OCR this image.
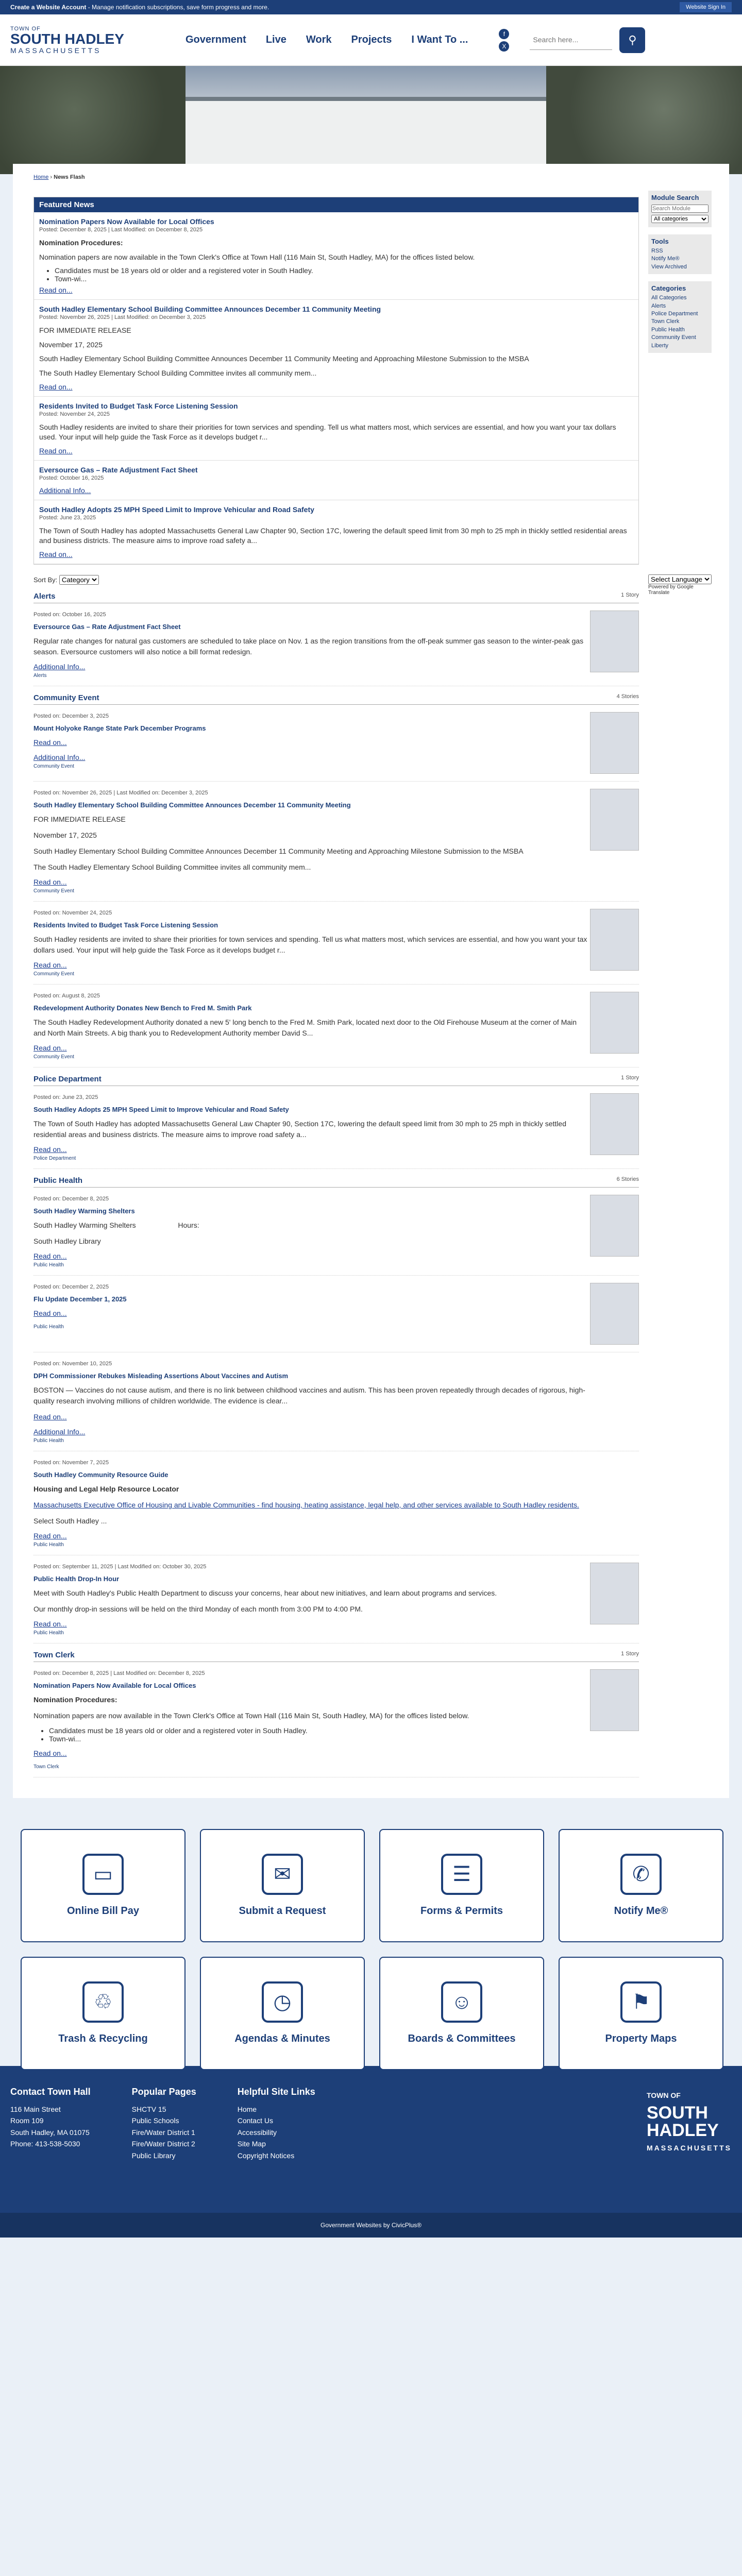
Create a Website Account - Manage notification subscriptions, save form progress and more.	Website Sign In
TOWN OF
SOUTH HADLEY
MASSACHUSETTS
Government Live Work Projects I Want To ...
f
X
Search here...	⚲
Home › News Flash
Featured News
Nomination Papers Now Available for Local Offices
Posted: December 8, 2025 | Last Modified: on December 8, 2025

Nomination Procedures:

Nomination papers are now available in the Town Clerk's Office at Town Hall (116 Main St, South Hadley, MA) for the offices listed below.

• Candidates must be 18 years old or older and a registered voter in South Hadley.
• Town-wi...
Read on...
South Hadley Elementary School Building Committee Announces December 11 Community Meeting
Posted: November 26, 2025 | Last Modified: on December 3, 2025

FOR IMMEDIATE RELEASE

November 17, 2025

South Hadley Elementary School Building Committee Announces December 11 Community Meeting and Approaching Milestone Submission to the MSBA

The South Hadley Elementary School Building Committee invites all community mem...

Read on...
Residents Invited to Budget Task Force Listening Session
Posted: November 24, 2025

South Hadley residents are invited to share their priorities for town services and spending. Tell us what matters most, which services are essential, and how you want your tax dollars used. Your input will help guide the Task Force as it develops budget r...

Read on...
Eversource Gas – Rate Adjustment Fact Sheet
Posted: October 16, 2025
Additional Info...
South Hadley Adopts 25 MPH Speed Limit to Improve Vehicular and Road Safety
Posted: June 23, 2025

The Town of South Hadley has adopted Massachusetts General Law Chapter 90, Section 17C, lowering the default speed limit from 30 mph to 25 mph in thickly settled residential areas and business districts. The measure aims to improve road safety a...

Read on...
Sort By:
Category
Alerts	1 Story
Posted on: October 16, 2025
Eversource Gas – Rate Adjustment Fact Sheet

Regular rate changes for natural gas customers are scheduled to take place on Nov. 1 as the region transitions from the off-peak summer gas season to the winter-peak gas season. Eversource customers will also notice a bill format redesign.

Additional Info...
Alerts
Community Event	4 Stories
Posted on: December 3, 2025
Mount Holyoke Range State Park December Programs

Read on...

Additional Info...
Community Event
Posted on: November 26, 2025 | Last Modified on: December 3, 2025
South Hadley Elementary School Building Committee Announces December 11 Community Meeting

FOR IMMEDIATE RELEASE

November 17, 2025

South Hadley Elementary School Building Committee Announces December 11 Community Meeting and Approaching Milestone Submission to the MSBA

The South Hadley Elementary School Building Committee invites all community mem...

Read on...
Community Event
Posted on: November 24, 2025
Residents Invited to Budget Task Force Listening Session

South Hadley residents are invited to share their priorities for town services and spending. Tell us what matters most, which services are essential, and how you want your tax dollars used. Your input will help guide the Task Force as it develops budget r...

Read on...
Community Event
Posted on: August 8, 2025
Redevelopment Authority Donates New Bench to Fred M. Smith Park

The South Hadley Redevelopment Authority donated a new 5' long bench to the Fred M. Smith Park, located next door to the Old Firehouse Museum at the corner of Main and North Main Streets. A big thank you to Redevelopment Authority member David S...

Read on...
Community Event
Police Department	1 Story
Posted on: June 23, 2025
South Hadley Adopts 25 MPH Speed Limit to Improve Vehicular and Road Safety

The Town of South Hadley has adopted Massachusetts General Law Chapter 90, Section 17C, lowering the default speed limit from 30 mph to 25 mph in thickly settled residential areas and business districts. The measure aims to improve road safety a...

Read on...
Police Department
Public Health	6 Stories
Posted on: December 8, 2025
South Hadley Warming Shelters

South Hadley Warming Shelters                     Hours:

South Hadley Library

Read on...
Public Health
Posted on: December 2, 2025
Flu Update December 1, 2025

Read on...

Public Health
Posted on: November 10, 2025
DPH Commissioner Rebukes Misleading Assertions About Vaccines and Autism

BOSTON — Vaccines do not cause autism, and there is no link between childhood vaccines and autism. This has been proven repeatedly through decades of rigorous, high-quality research involving millions of children worldwide. The evidence is clear...

Read on...

Additional Info...
Public Health
Posted on: November 7, 2025
South Hadley Community Resource Guide

Housing and Legal Help Resource Locator

Massachusetts Executive Office of Housing and Livable Communities - find housing, heating assistance, legal help, and other services available to South Hadley residents.

Select South Hadley ...

Read on...
Public Health
Posted on: September 11, 2025 | Last Modified on: October 30, 2025
Public Health Drop-In Hour

Meet with South Hadley's Public Health Department to discuss your concerns, hear about new initiatives, and learn about programs and services.

Our monthly drop-in sessions will be held on the third Monday of each month from 3:00 PM to 4:00 PM.

Read on...
Public Health
Town Clerk	1 Story
Posted on: December 8, 2025 | Last Modified on: December 8, 2025
Nomination Papers Now Available for Local Offices

Nomination Procedures:

Nomination papers are now available in the Town Clerk's Office at Town Hall (116 Main St, South Hadley, MA) for the offices listed below.

• Candidates must be 18 years old or older and a registered voter in South Hadley.
• Town-wi...

Read on...

Town Clerk
Module Search
Search Module
All categories
Tools
RSS
Notify Me®
View Archived
Categories
All Categories
Alerts
Police Department
Town Clerk
Public Health
Community Event
Liberty
Select Language
Powered by Google Translate
▭
Online Bill Pay
✉
Submit a Request
☰
Forms & Permits
✆
Notify Me®
♲
Trash & Recycling
◷
Agendas & Minutes
☺
Boards & Committees
⚑
Property Maps
Contact Town Hall
116 Main Street
Room 109
South Hadley, MA 01075
Phone: 413-538-5030
Popular Pages
SHCTV 15
Public Schools
Fire/Water District 1
Fire/Water District 2
Public Library
Helpful Site Links
Home
Contact Us
Accessibility
Site Map
Copyright Notices
TOWN OF
SOUTH
HADLEY
MASSACHUSETTS
Government Websites by CivicPlus®
